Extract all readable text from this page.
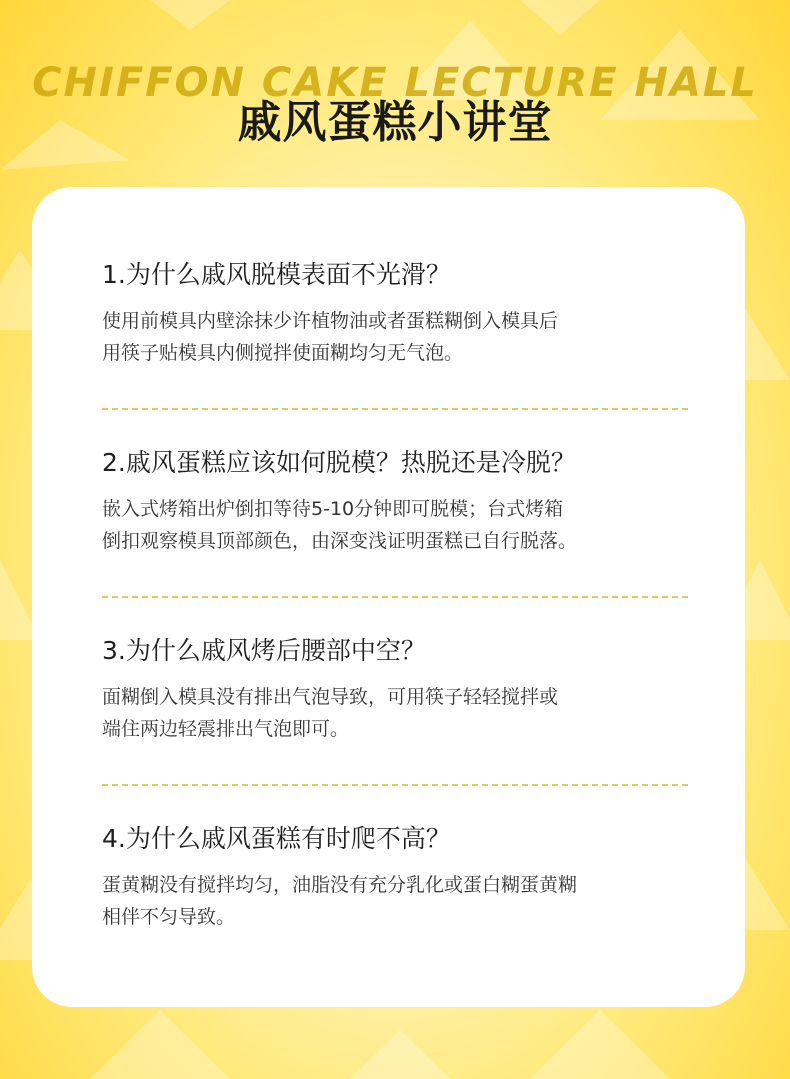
CHIFFON CAKE LECTURE HALL
戚风蛋糕小讲堂

1.为什么戚风脱模表面不光滑？

使用前模具内壁涂抹少许植物油或者蛋糕糊倒入模具后
用筷子贴模具内侧搅拌使面糊均匀无气泡。

2.戚风蛋糕应该如何脱模？热脱还是冷脱？

嵌入式烤箱出炉倒扣等待5-10分钟即可脱模；台式烤箱
倒扣观察模具顶部颜色，由深变浅证明蛋糕已自行脱落。

3.为什么戚风烤后腰部中空？

面糊倒入模具没有排出气泡导致，可用筷子轻轻搅拌或
端住两边轻震排出气泡即可。

4.为什么戚风蛋糕有时爬不高？

蛋黄糊没有搅拌均匀，油脂没有充分乳化或蛋白糊蛋黄糊
相伴不匀导致。
